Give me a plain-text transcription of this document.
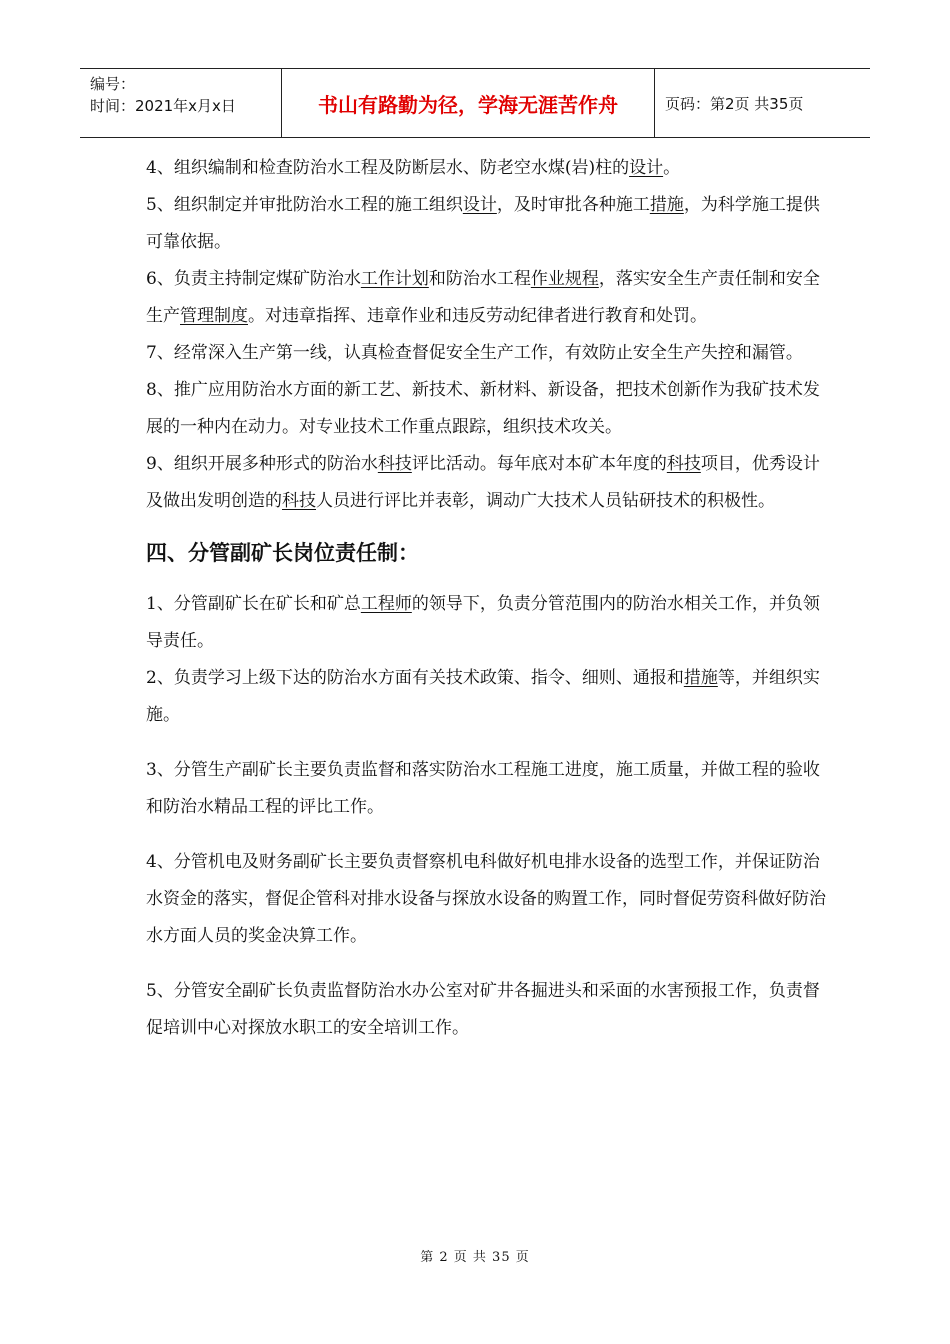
编号：
时间：2021年x月x日	书山有路勤为径，学海无涯苦作舟	页码：第2页 共35页

4、组织编制和检查防治水工程及防断层水、防老空水煤(岩)柱的设计。

5、组织制定并审批防治水工程的施工组织设计，及时审批各种施工措施，为科学施工提供可靠依据。

6、负责主持制定煤矿防治水工作计划和防治水工程作业规程，落实安全生产责任制和安全生产管理制度。对违章指挥、违章作业和违反劳动纪律者进行教育和处罚。

7、经常深入生产第一线，认真检查督促安全生产工作，有效防止安全生产失控和漏管。

8、推广应用防治水方面的新工艺、新技术、新材料、新设备，把技术创新作为我矿技术发展的一种内在动力。对专业技术工作重点跟踪，组织技术攻关。

9、组织开展多种形式的防治水科技评比活动。每年底对本矿本年度的科技项目，优秀设计及做出发明创造的科技人员进行评比并表彰，调动广大技术人员钻研技术的积极性。

四、分管副矿长岗位责任制：

1、分管副矿长在矿长和矿总工程师的领导下，负责分管范围内的防治水相关工作，并负领导责任。

2、负责学习上级下达的防治水方面有关技术政策、指令、细则、通报和措施等，并组织实施。

3、分管生产副矿长主要负责监督和落实防治水工程施工进度，施工质量，并做工程的验收和防治水精品工程的评比工作。

4、分管机电及财务副矿长主要负责督察机电科做好机电排水设备的选型工作，并保证防治水资金的落实，督促企管科对排水设备与探放水设备的购置工作，同时督促劳资科做好防治水方面人员的奖金决算工作。

5、分管安全副矿长负责监督防治水办公室对矿井各掘进头和采面的水害预报工作，负责督促培训中心对探放水职工的安全培训工作。

第 2 页 共 35 页
